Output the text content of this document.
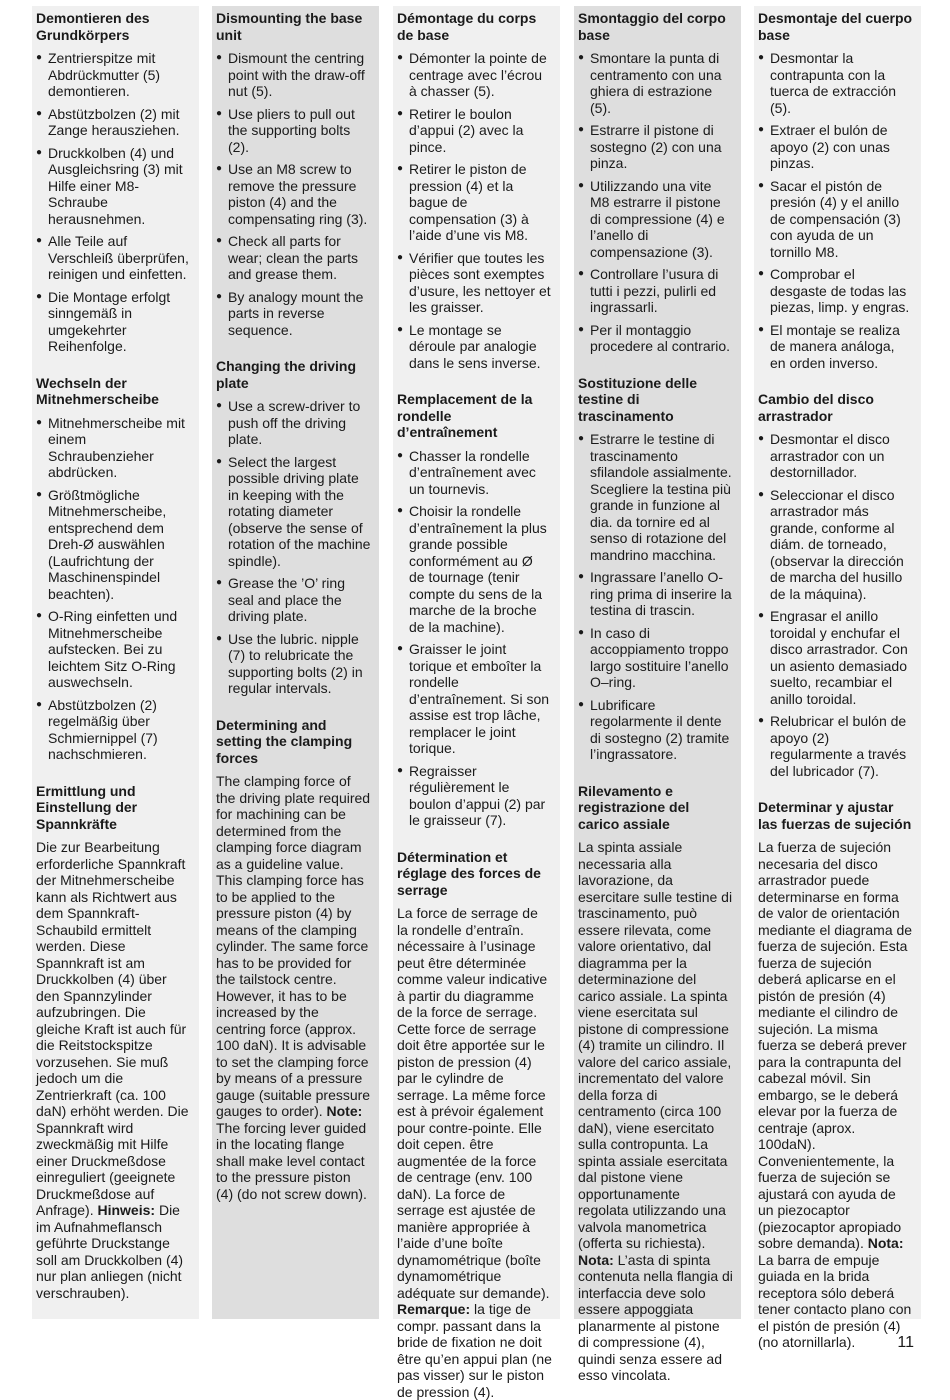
Demontieren des Grundkörpers
● Zentrierspitze mit Abdrückmutter (5) demontieren.
● Abstützbolzen (2) mit Zange herausziehen.
● Druckkolben (4) und Ausgleichsring (3) mit Hilfe einer M8-Schraube herausnehmen.
● Alle Teile auf Verschleiß überprüfen, reinigen und einfetten.
● Die Montage erfolgt sinngemäß in umgekehrter Reihenfolge.
Wechseln der Mitnehmerscheibe
● Mitnehmerscheibe mit einem Schraubenzieher abdrücken.
● Größtmögliche Mitnehmerscheibe, entsprechend dem Dreh-Ø auswählen (Laufrichtung der Maschinenspindel beachten).
● O-Ring einfetten und Mitnehmerscheibe aufstecken. Bei zu leichtem Sitz O-Ring auswechseln.
● Abstützbolzen (2) regelmäßig über Schmiernippel (7) nachschmieren.
Ermittlung und Einstellung der Spannkräfte

Die zur Bearbeitung erforderliche Spannkraft der Mitnehmerscheibe kann als Richtwert aus dem Spannkraft-Schaubild ermittelt werden. Diese Spannkraft ist am Druckkolben (4) über den Spannzylinder aufzubringen. Die gleiche Kraft ist auch für die Reitstockspitze vorzusehen. Sie muß jedoch um die Zentrierkraft (ca. 100 daN) erhöht werden. Die Spannkraft wird zweckmäßig mit Hilfe einer Druckmeßdose einreguliert (geeignete Druckmeßdose auf Anfrage). Hinweis: Die im Aufnahmeflansch geführte Druckstange soll am Druckkolben (4) nur plan anliegen (nicht verschrauben).

Dismounting the base unit
● Dismount the centring point with the draw-off nut (5).
● Use pliers to pull out the supporting bolts (2).
● Use an M8 screw to remove the pressure piston (4) and the compensating ring (3).
● Check all parts for wear; clean the parts and grease them.
● By analogy mount the parts in reverse sequence.
Changing the driving plate
● Use a screw-driver to push off the driving plate.
● Select the largest possible driving plate in keeping with the rotating diameter (observe the sense of rotation of the machine spindle).
● Grease the ’O’ ring seal and place the driving plate.
● Use the lubric. nipple (7) to relubricate the supporting bolts (2) in regular intervals.
Determining and setting the clamping forces

The clamping force of the driving plate required for machining can be determined from the clamping force diagram as a guideline value. This clamping force has to be applied to the pressure piston (4) by means of the clamping cylinder. The same force has to be provided for the tailstock centre. However, it has to be increased by the centring force (approx. 100 daN). It is advisable to set the clamping force by means of a pressure gauge (suitable pressure gauges to order). Note: The forcing lever guided in the locating flange shall make level contact to the pressure piston (4) (do not screw down).

Démontage du corps de base
● Démonter la pointe de centrage avec l’écrou à chasser (5).
● Retirer le boulon d’appui (2) avec la pince.
● Retirer le piston de pression (4) et la bague de compensation (3) à l’aide d’une vis M8.
● Vérifier que toutes les pièces sont exemptes d’usure, les nettoyer et les graisser.
● Le montage se déroule par analogie dans le sens inverse.
Remplacement de la rondelle d’entraînement
● Chasser la rondelle d’entraînement avec un tournevis.
● Choisir la rondelle d’entraînement la plus grande possible conformément au Ø de tournage (tenir compte du sens de la marche de la broche de la machine).
● Graisser le joint torique et emboîter la rondelle d’entraînement. Si son assise est trop lâche, remplacer le joint torique.
● Regraisser régulièrement le boulon d’appui (2) par le graisseur (7).
Détermination et réglage des forces de serrage

La force de serrage de la rondelle d’entraîn. nécessaire à l’usinage peut être déterminée comme valeur indicative à partir du diagramme de la force de serrage. Cette force de serrage doit être apportée sur le piston de pression (4) par le cylindre de serrage. La même force est à prévoir également pour contre-pointe. Elle doit cepen. être augmentée de la force de centrage (env. 100 daN). La force de serrage est ajustée de manière appropriée à l’aide d’une boîte dynamométrique (boîte dynamométrique adéquate sur demande). Remarque: la tige de compr. passant dans la bride de fixation ne doit être qu’en appui plan (ne pas visser) sur le piston de pression (4).

Smontaggio del corpo base
● Smontare la punta di centramento con una ghiera di estrazione (5).
● Estrarre il pistone di sostegno (2) con una pinza.
● Utilizzando una vite M8 estrarre il pistone di compressione (4) e l’anello di compensazione (3).
● Controllare l’usura di tutti i pezzi, pulirli ed ingrassarli.
● Per il montaggio procedere al contrario.
Sostituzione delle testine di trascinamento
● Estrarre le testine di trascinamento sfilandole assialmente. Scegliere la testina più grande in funzione al dia. da tornire ed al senso di rotazione del mandrino macchina.
● Ingrassare l’anello O-ring prima di inserire la testina di trascin.
● In caso di accoppiamento troppo largo sostituire l’anello O–ring.
● Lubrificare regolarmente il dente di sostegno (2) tramite l’ingrassatore.
Rilevamento e registrazione del carico assiale

La spinta assiale necessaria alla lavorazione, da esercitare sulle testine di trascinamento, può essere rilevata, come valore orientativo, dal diagramma per la determinazione del carico assiale. La spinta viene esercitata sul pistone di compressione (4) tramite un cilindro. Il valore del carico assiale, incrementato del valore della forza di centramento (circa 100 daN), viene esercitato sulla contropunta. La spinta assiale esercitata dal pistone viene opportunamente regolata utilizzando una valvola manometrica (offerta su richiesta). Nota: L’asta di spinta contenuta nella flangia di interfaccia deve solo essere appoggiata planarmente al pistone di compressione (4), quindi senza essere ad esso vincolata.

Desmontaje del cuerpo base
● Desmontar la contrapunta con la tuerca de extracción (5).
● Extraer el bulón de apoyo (2) con unas pinzas.
● Sacar el pistón de presión (4) y el anillo de compensación (3) con ayuda de un tornillo M8.
● Comprobar el desgaste de todas las piezas, limp. y engras.
● El montaje se realiza de manera análoga, en orden inverso.
Cambio del disco arrastrador
● Desmontar el disco arrastrador con un destornillador.
● Seleccionar el disco arrastrador más grande, conforme al diám. de torneado, (observar la dirección de marcha del husillo de la máquina).
● Engrasar el anillo toroidal y enchufar el disco arrastrador. Con un asiento demasiado suelto, recambiar el anillo toroidal.
● Relubricar el bulón de apoyo (2) regularmente a través del lubricador (7).
Determinar y ajustar las fuerzas de sujeción

La fuerza de sujeción necesaria del disco arrastrador puede determinarse en forma de valor de orientación mediante el diagrama de fuerza de sujeción. Esta fuerza de sujeción deberá aplicarse en el pistón de presión (4) mediante el cilindro de sujeción. La misma fuerza se deberá prever para la contrapunta del cabezal móvil. Sin embargo, se le deberá elevar por la fuerza de centraje (aprox. 100daN). Convenientemente, la fuerza de sujeción se ajustará con ayuda de un piezocaptor (piezocaptor apropiado sobre demanda). Nota: La barra de empuje guiada en la brida receptora sólo deberá tener contacto plano con el pistón de presión (4) (no atornillarla).	11
